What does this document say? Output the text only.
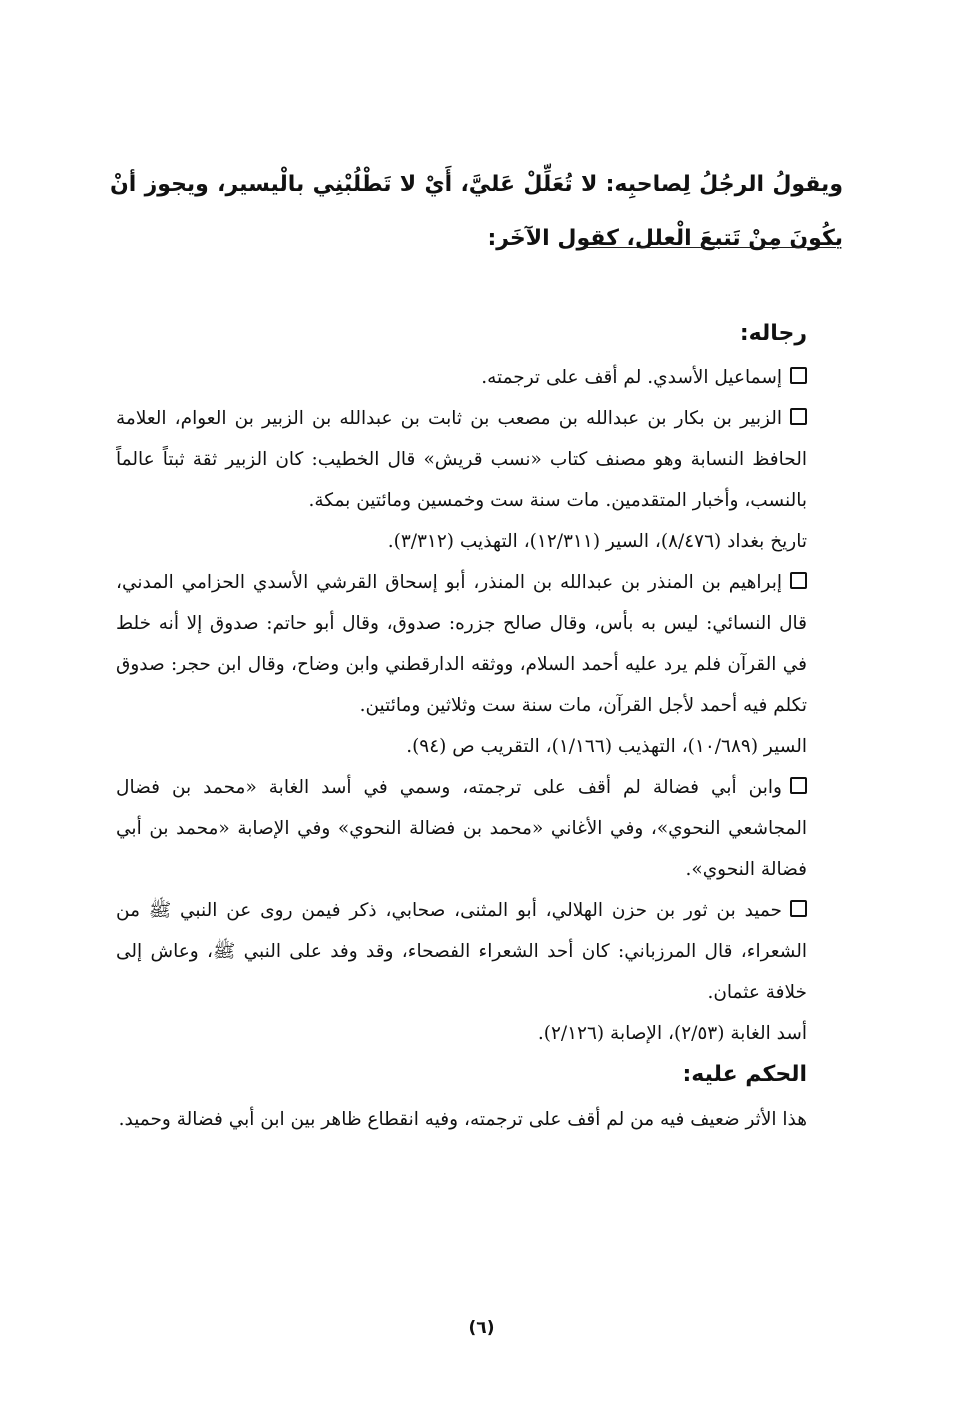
ويقولُ الرجُلُ لِصاحبِه: لا تُعَلِّلْ عَليَّ، أَيْ لا تَطْلُبْنِي بالْيسير، ويجوز أنْ يكُونَ مِنْ تَتبعَ الْعلل، كقول الآخَر:

رجاله:

إسماعيل الأسدي. لم أقف على ترجمته.

الزبير بن بكار بن عبدالله بن مصعب بن ثابت بن عبدالله بن الزبير بن العوام، العلامة الحافظ النسابة وهو مصنف كتاب «نسب قريش» قال الخطيب: كان الزبير ثقة ثبتاً عالماً بالنسب، وأخبار المتقدمين. مات سنة ست وخمسين ومائتين بمكة.

تاريخ بغداد (٨/٤٧٦)، السير (١٢/٣١١)، التهذيب (٣/٣١٢).

إبراهيم بن المنذر بن عبدالله بن المنذر، أبو إسحاق القرشي الأسدي الحزامي المدني، قال النسائي: ليس به بأس، وقال صالح جزره: صدوق، وقال أبو حاتم: صدوق إلا أنه خلط في القرآن فلم يرد عليه أحمد السلام، ووثقه الدارقطني وابن وضاح، وقال ابن حجر: صدوق تكلم فيه أحمد لأجل القرآن، مات سنة ست وثلاثين ومائتين.

السير (١٠/٦٨٩)، التهذيب (١/١٦٦)، التقريب ص (٩٤).

وابن أبي فضالة لم أقف على ترجمته، وسمي في أسد الغابة «محمد بن فضال المجاشعي النحوي»، وفي الأغاني «محمد بن فضالة النحوي» وفي الإصابة «محمد بن أبي فضالة النحوي».

حميد بن ثور بن حزن الهلالي، أبو المثنى، صحابي، ذكر فيمن روى عن النبي ﷺ من الشعراء، قال المرزباني: كان أحد الشعراء الفصحاء، وقد وفد على النبي ﷺ، وعاش إلى خلافة عثمان.

أسد الغابة (٢/٥٣)، الإصابة (٢/١٢٦).

الحكم عليه:

هذا الأثر ضعيف فيه من لم أقف على ترجمته، وفيه انقطاع ظاهر بين ابن أبي فضالة وحميد.

(٦)
